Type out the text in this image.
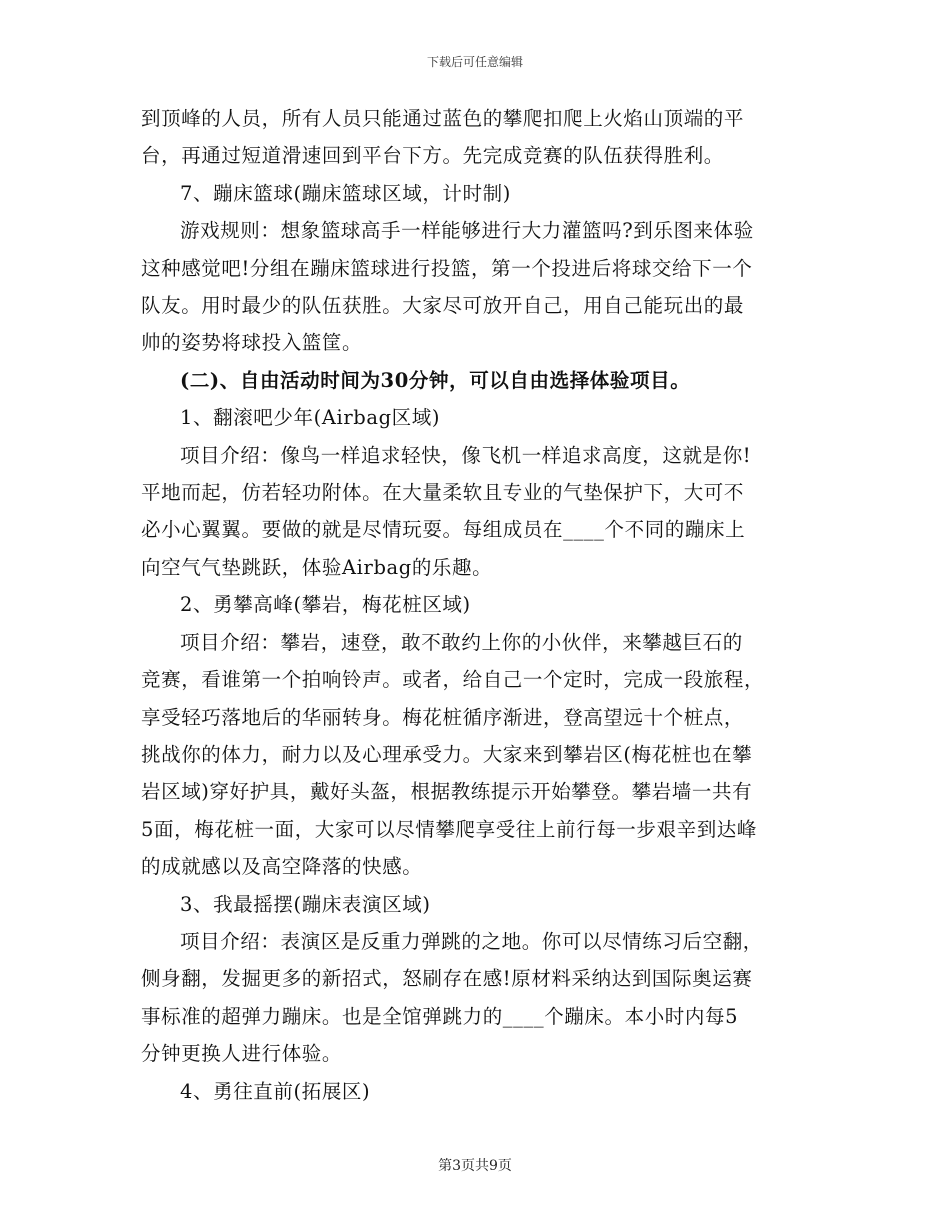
下载后可任意编辑

到顶峰的人员，所有人员只能通过蓝色的攀爬扣爬上火焰山顶端的平
台，再通过短道滑速回到平台下方。先完成竞赛的队伍获得胜利。

7、蹦床篮球(蹦床篮球区域，计时制)

游戏规则：想象篮球高手一样能够进行大力灌篮吗?到乐图来体验
这种感觉吧!分组在蹦床篮球进行投篮，第一个投进后将球交给下一个
队友。用时最少的队伍获胜。大家尽可放开自己，用自己能玩出的最
帅的姿势将球投入篮筐。

(二)、自由活动时间为30分钟，可以自由选择体验项目。

1、翻滚吧少年(Airbag区域)

项目介绍：像鸟一样追求轻快，像飞机一样追求高度，这就是你!
平地而起，仿若轻功附体。在大量柔软且专业的气垫保护下，大可不
必小心翼翼。要做的就是尽情玩耍。每组成员在____个不同的蹦床上
向空气气垫跳跃，体验Airbag的乐趣。

2、勇攀高峰(攀岩，梅花桩区域)

项目介绍：攀岩，速登，敢不敢约上你的小伙伴，来攀越巨石的
竞赛，看谁第一个拍响铃声。或者，给自己一个定时，完成一段旅程，
享受轻巧落地后的华丽转身。梅花桩循序渐进，登高望远十个桩点，
挑战你的体力，耐力以及心理承受力。大家来到攀岩区(梅花桩也在攀
岩区域)穿好护具，戴好头盔，根据教练提示开始攀登。攀岩墙一共有
5面，梅花桩一面，大家可以尽情攀爬享受往上前行每一步艰辛到达峰
的成就感以及高空降落的快感。

3、我最摇摆(蹦床表演区域)

项目介绍：表演区是反重力弹跳的之地。你可以尽情练习后空翻，
侧身翻，发掘更多的新招式，怒刷存在感!原材料采纳达到国际奥运赛
事标准的超弹力蹦床。也是全馆弹跳力的____个蹦床。本小时内每5
分钟更换人进行体验。

4、勇往直前(拓展区)

第3页共9页
